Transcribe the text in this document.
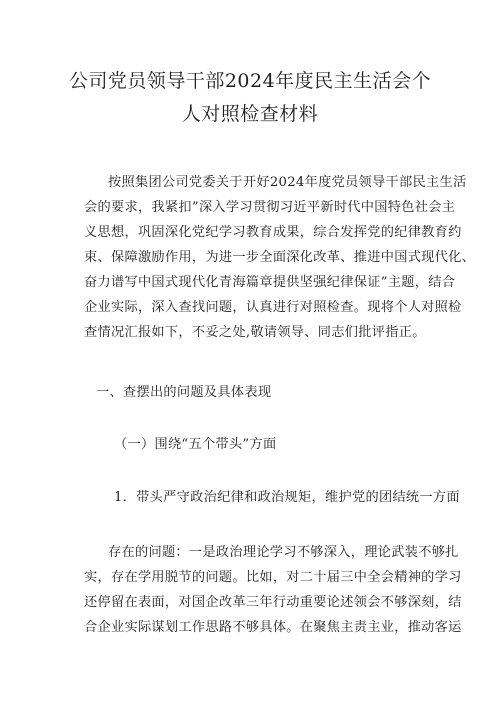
公司党员领导干部2024年度民主生活会个
人对照检查材料
按照集团公司党委关于开好2024年度党员领导干部民主生活
会的要求，我紧扣”深入学习贯彻习近平新时代中国特色社会主
义思想，巩固深化党纪学习教育成果，综合发挥党的纪律教育约
束、保障激励作用，为进一步全面深化改革、推进中国式现代化、
奋力谱写中国式现代化青海篇章提供坚强纪律保证”主题，结合
企业实际，深入查找问题，认真进行对照检查。现将个人对照检
查情况汇报如下，不妥之处,敬请领导、同志们批评指正。
一、查摆出的问题及具体表现
（一）围绕“五个带头”方面
1．带头严守政治纪律和政治规矩，维护党的团结统一方面
存在的问题：一是政治理论学习不够深入，理论武装不够扎
实，存在学用脱节的问题。比如，对二十届三中全会精神的学习
还停留在表面，对国企改革三年行动重要论述领会不够深刻，结
合企业实际谋划工作思路不够具体。在聚焦主责主业，推动客运
